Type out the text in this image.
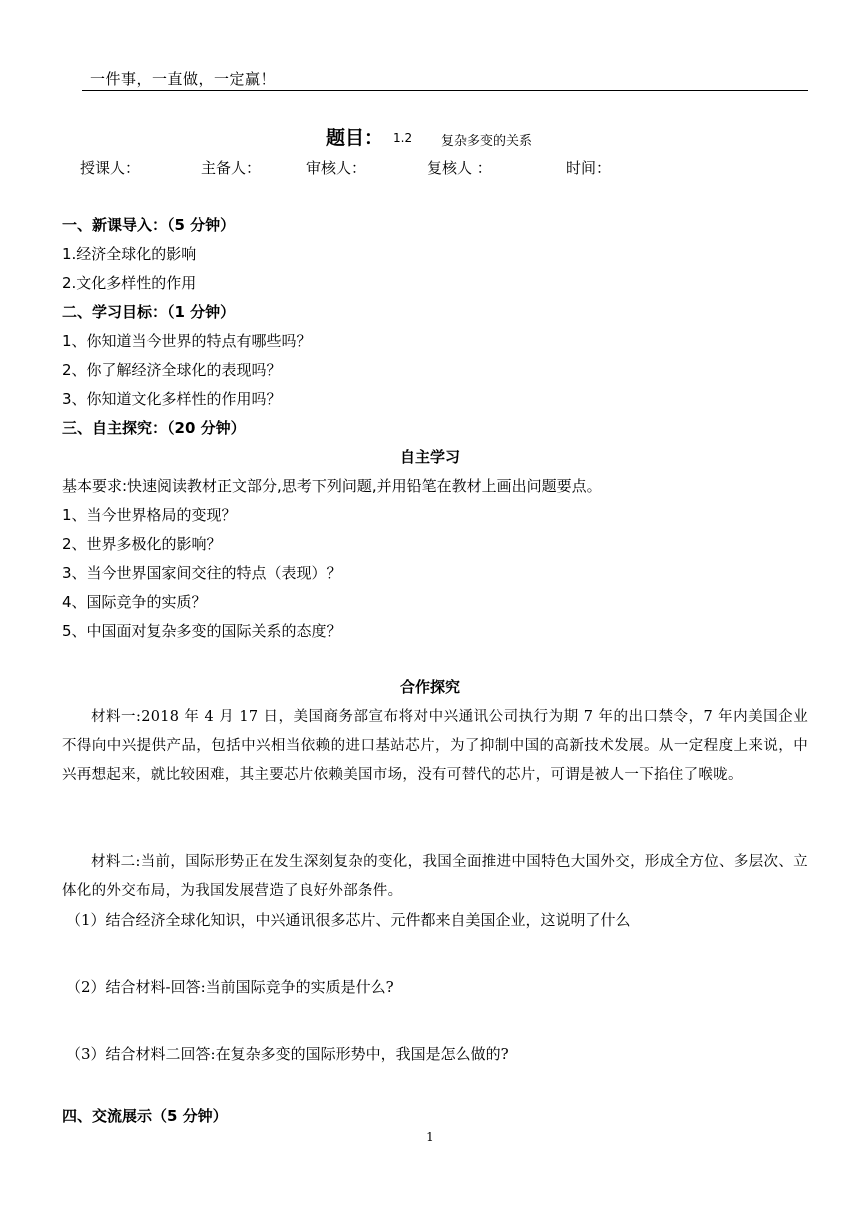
一件事，一直做，一定赢！
题目： 1.2 复杂多变的关系
授课人：	主备人：	审核人：	复核人 ：	时间：
一、新课导入：（5 分钟）
1.经济全球化的影响
2.文化多样性的作用
二、学习目标：（1 分钟）
1、你知道当今世界的特点有哪些吗？
2、你了解经济全球化的表现吗？
3、你知道文化多样性的作用吗？
三、自主探究：（20 分钟）
自主学习
基本要求:快速阅读教材正文部分,思考下列问题,并用铅笔在教材上画出问题要点。
1、当今世界格局的变现？
2、世界多极化的影响？
3、当今世界国家间交往的特点（表现）？
4、国际竞争的实质？
5、中国面对复杂多变的国际关系的态度？
合作探究
材料一:2018 年 4 月 17 日，美国商务部宣布将对中兴通讯公司执行为期 7 年的出口禁令，7 年内美国企业不得向中兴提供产品，包括中兴相当依赖的进口基站芯片，为了抑制中国的高新技术发展。从一定程度上来说，中兴再想起来，就比较困难，其主要芯片依赖美国市场，没有可替代的芯片，可谓是被人一下掐住了喉咙。
材料二:当前，国际形势正在发生深刻复杂的变化，我国全面推进中国特色大国外交，形成全方位、多层次、立体化的外交布局，为我国发展营造了良好外部条件。
（1）结合经济全球化知识，中兴通讯很多芯片、元件都来自美国企业，这说明了什么
（2）结合材料-回答:当前国际竞争的实质是什么?
（3）结合材料二回答:在复杂多变的国际形势中，我国是怎么做的?
四、交流展示（5 分钟）
1
